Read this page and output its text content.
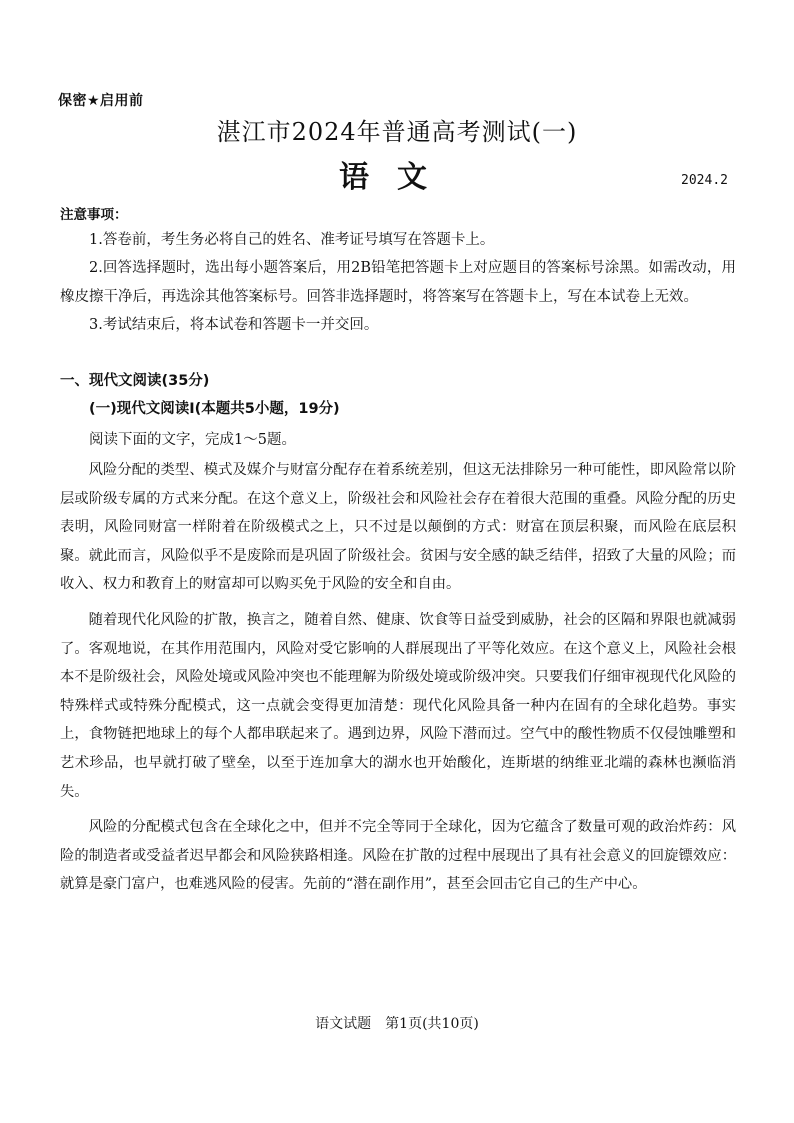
保密★启用前
湛江市2024年普通高考测试(一)
语文	2024.2
注意事项：

1.答卷前，考生务必将自己的姓名、准考证号填写在答题卡上。

2.回答选择题时，选出每小题答案后，用2B铅笔把答题卡上对应题目的答案标号涂黑。如需改动，用橡皮擦干净后，再选涂其他答案标号。回答非选择题时，将答案写在答题卡上，写在本试卷上无效。

3.考试结束后，将本试卷和答题卡一并交回。

一、现代文阅读(35分)
(一)现代文阅读Ⅰ(本题共5小题，19分)
阅读下面的文字，完成1～5题。

风险分配的类型、模式及媒介与财富分配存在着系统差别，但这无法排除另一种可能性，即风险常以阶层或阶级专属的方式来分配。在这个意义上，阶级社会和风险社会存在着很大范围的重叠。风险分配的历史表明，风险同财富一样附着在阶级模式之上，只不过是以颠倒的方式：财富在顶层积聚，而风险在底层积聚。就此而言，风险似乎不是废除而是巩固了阶级社会。贫困与安全感的缺乏结伴，招致了大量的风险；而收入、权力和教育上的财富却可以购买免于风险的安全和自由。

随着现代化风险的扩散，换言之，随着自然、健康、饮食等日益受到威胁，社会的区隔和界限也就减弱了。客观地说，在其作用范围内，风险对受它影响的人群展现出了平等化效应。在这个意义上，风险社会根本不是阶级社会，风险处境或风险冲突也不能理解为阶级处境或阶级冲突。只要我们仔细审视现代化风险的特殊样式或特殊分配模式，这一点就会变得更加清楚：现代化风险具备一种内在固有的全球化趋势。事实上，食物链把地球上的每个人都串联起来了。遇到边界，风险下潜而过。空气中的酸性物质不仅侵蚀雕塑和艺术珍品，也早就打破了壁垒，以至于连加拿大的湖水也开始酸化，连斯堪的纳维亚北端的森林也濒临消失。

风险的分配模式包含在全球化之中，但并不完全等同于全球化，因为它蕴含了数量可观的政治炸药：风险的制造者或受益者迟早都会和风险狭路相逢。风险在扩散的过程中展现出了具有社会意义的回旋镖效应：就算是豪门富户，也难逃风险的侵害。先前的“潜在副作用”，甚至会回击它自己的生产中心。

语文试题　第1页(共10页)
